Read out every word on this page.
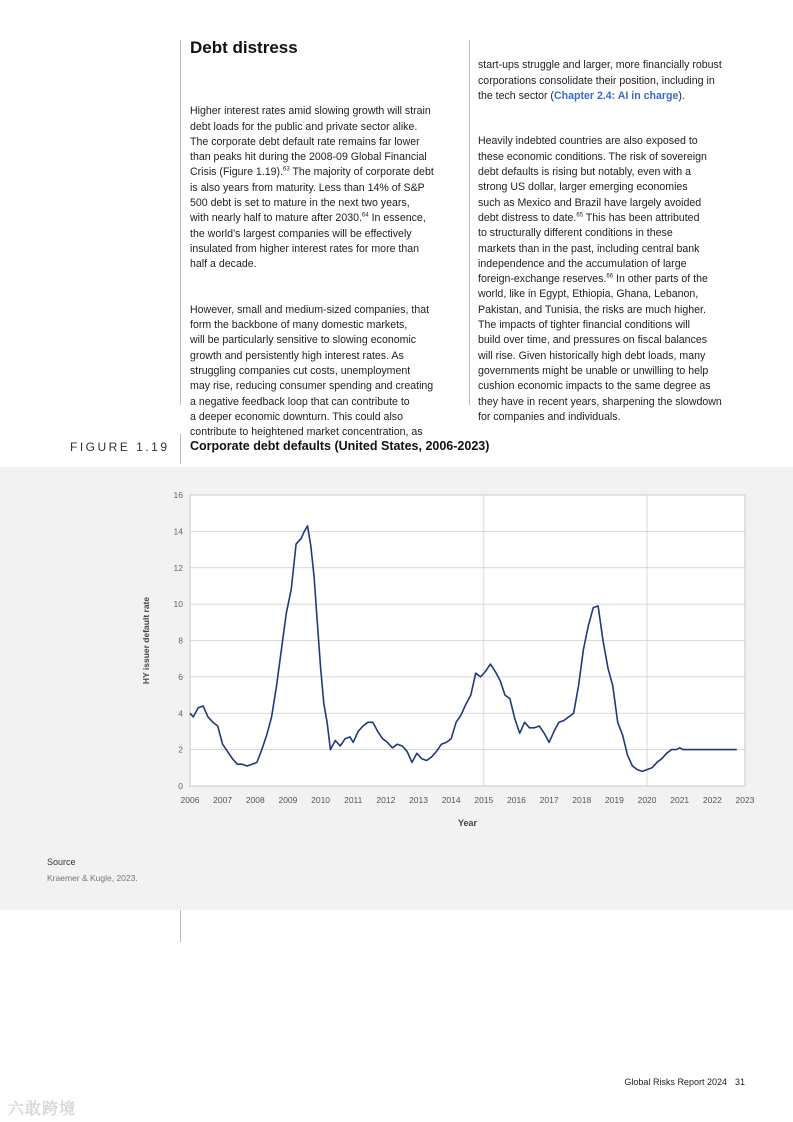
Debt distress

Higher interest rates amid slowing growth will strain
debt loads for the public and private sector alike.
The corporate debt default rate remains far lower
than peaks hit during the 2008-09 Global Financial
Crisis (Figure 1.19).$^{63}$ The majority of corporate debt
is also years from maturity. Less than 14% of S&P
500 debt is set to mature in the next two years,
with nearly half to mature after 2030.64 In essence,
the world’s largest companies will be effectively
insulated from higher interest rates for more than
half a decade.

However, small and medium-sized companies, that
form the backbone of many domestic markets,
will be particularly sensitive to slowing economic
growth and persistently high interest rates. As
struggling companies cut costs, unemployment
may rise, reducing consumer spending and creating
a negative feedback loop that can contribute to
a deeper economic downturn. This could also
contribute to heightened market concentration, as

start-ups struggle and larger, more financially robust
corporations consolidate their position, including in
the tech sector (Chapter 2.4: AI in charge).

Heavily indebted countries are also exposed to
these economic conditions. The risk of sovereign
debt defaults is rising but notably, even with a
strong US dollar, larger emerging economies
such as Mexico and Brazil have largely avoided
debt distress to date.$^{65}$ This has been attributed
to structurally different conditions in these
markets than in the past, including central bank
independence and the accumulation of large
foreign-exchange reserves.$^{66}$ In other parts of the
world, like in Egypt, Ethiopia, Ghana, Lebanon,
Pakistan, and Tunisia, the risks are much higher.
The impacts of tighter financial conditions will
build over time, and pressures on fiscal balances
will rise. Given historically high debt loads, many
governments might be unable or unwilling to help
cushion economic impacts to the same degree as
they have in recent years, sharpening the slowdown
for companies and individuals.

FIGURE 1.19 Corporate debt defaults (United States, 2006-2023)
0
2
4
6
8
10
12
14
16
2006 2007 2008 2009 2010 2011 2012 2013 2014 2015 2016 2017 2018 2019 2020 2021 2022 2023
Year
HY issuer default rate
Source
Kraemer & Kugle, 2023.
Global Risks Report 2024 31
六敢跨境
